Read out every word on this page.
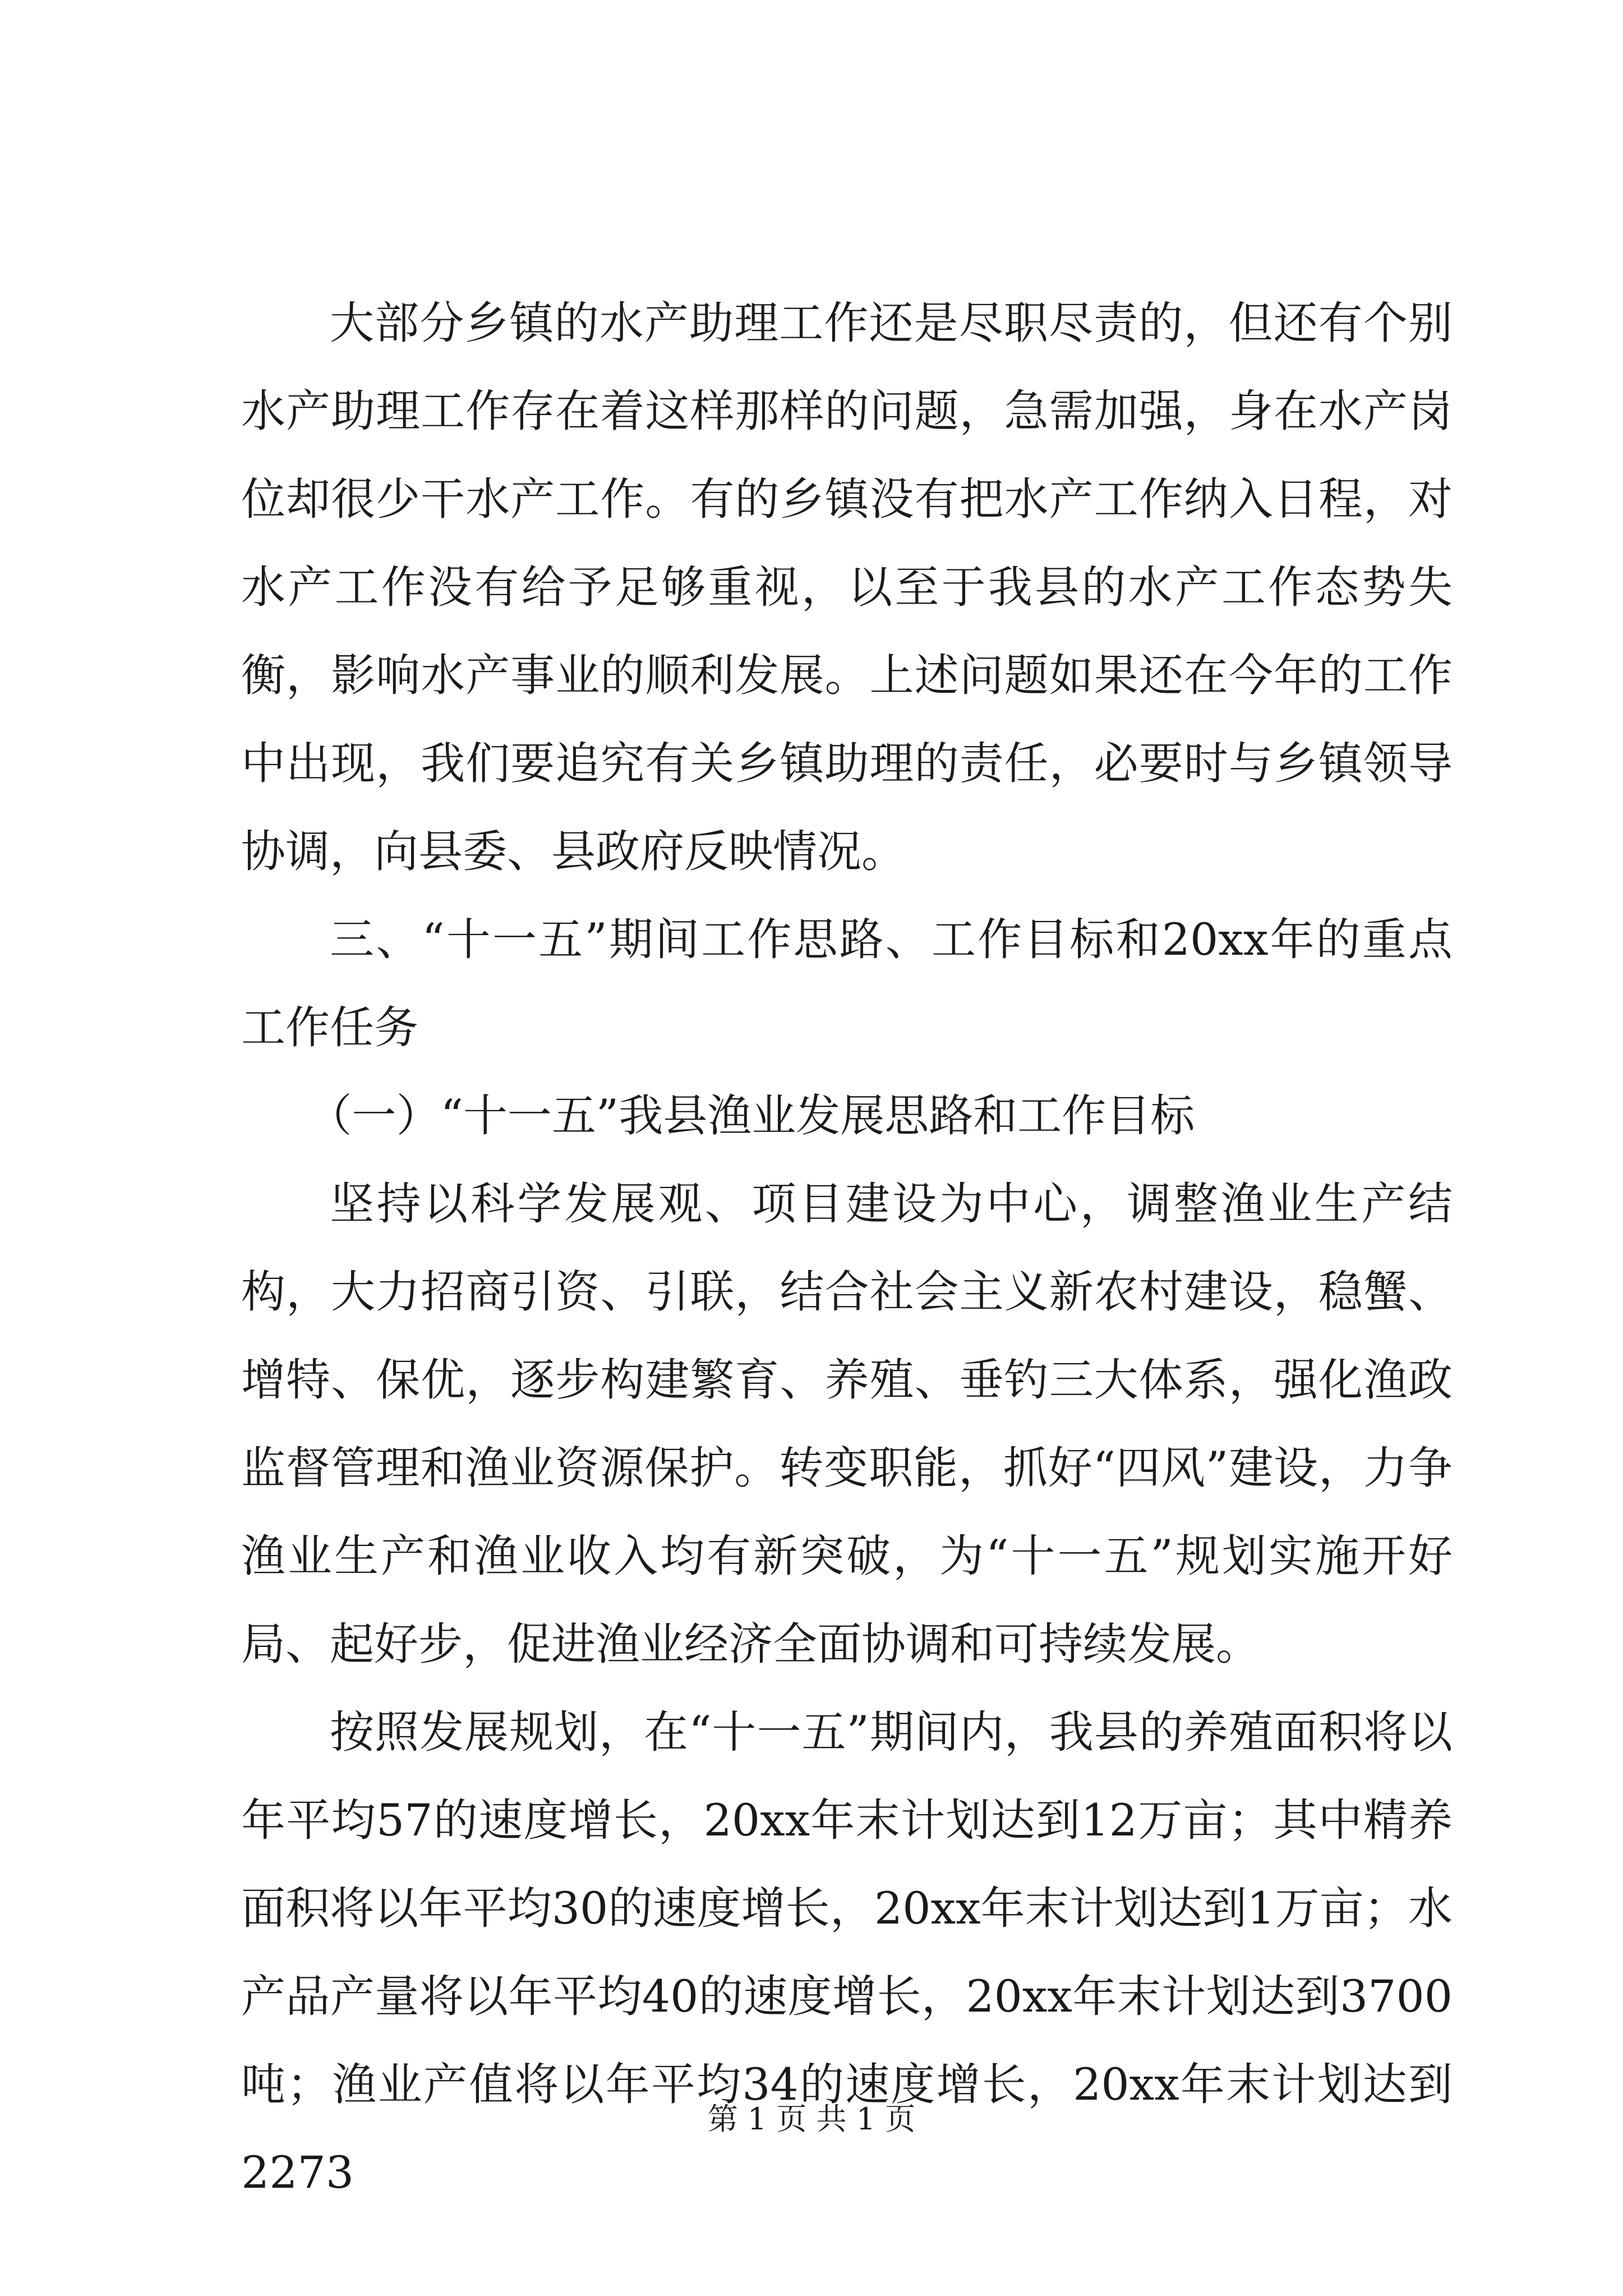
大部分乡镇的水产助理工作还是尽职尽责的，但还有个别水产助理工作存在着这样那样的问题，急需加强，身在水产岗位却很少干水产工作。有的乡镇没有把水产工作纳入日程，对水产工作没有给予足够重视，以至于我县的水产工作态势失衡，影响水产事业的顺利发展。上述问题如果还在今年的工作中出现，我们要追究有关乡镇助理的责任，必要时与乡镇领导协调，向县委、县政府反映情况。

三、“十一五”期间工作思路、工作目标和20xx年的重点工作任务

（一）“十一五”我县渔业发展思路和工作目标

坚持以科学发展观、项目建设为中心，调整渔业生产结构，大力招商引资、引联，结合社会主义新农村建设，稳蟹、增特、保优，逐步构建繁育、养殖、垂钓三大体系，强化渔政监督管理和渔业资源保护。转变职能，抓好“四风”建设，力争渔业生产和渔业收入均有新突破，为“十一五”规划实施开好局、起好步，促进渔业经济全面协调和可持续发展。

按照发展规划，在“十一五”期间内，我县的养殖面积将以年平均57的速度增长，20xx年末计划达到12万亩；其中精养面积将以年平均30的速度增长，20xx年末计划达到1万亩；水产品产量将以年平均40的速度增长，20xx年末计划达到3700吨；渔业产值将以年平均34的速度增长，20xx年末计划达到2273

第 1 页 共 1 页
